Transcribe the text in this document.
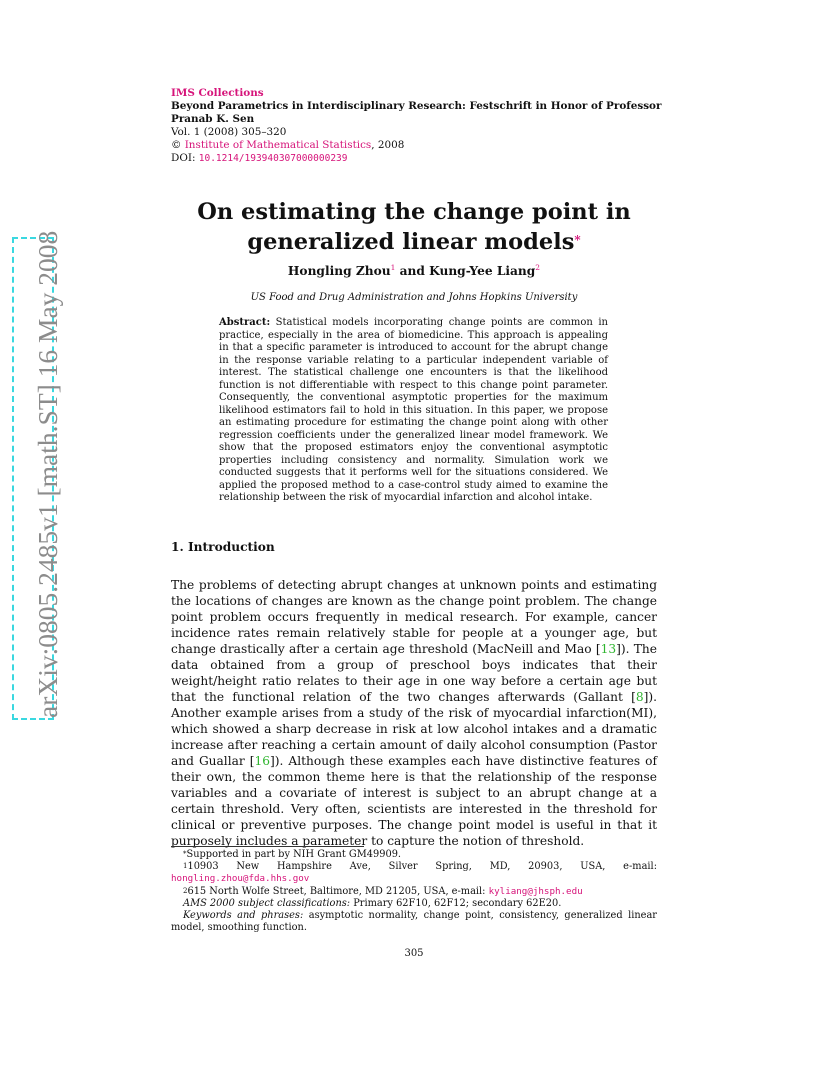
arXiv:0805.2485v1 [math.ST] 16 May 2008
IMS Collections
Beyond Parametrics in Interdisciplinary Research: Festschrift in Honor of Professor Pranab K. Sen
Vol. 1 (2008) 305–320
© Institute of Mathematical Statistics, 2008
DOI: 10.1214/193940307000000239
On estimating the change point in
generalized linear models*
Hongling Zhou$^1$ and Kung-Yee Liang$^2$
US Food and Drug Administration and Johns Hopkins University
Abstract: Statistical models incorporating change points are common in practice, especially in the area of biomedicine. This approach is appealing in that a specific parameter is introduced to account for the abrupt change in the response variable relating to a particular independent variable of interest. The statistical challenge one encounters is that the likelihood function is not differentiable with respect to this change point parameter. Consequently, the conventional asymptotic properties for the maximum likelihood estimators fail to hold in this situation. In this paper, we propose an estimating procedure for estimating the change point along with other regression coefficients under the generalized linear model framework. We show that the proposed estimators enjoy the conventional asymptotic properties including consistency and normality. Simulation work we conducted suggests that it performs well for the situations considered. We applied the proposed method to a case-control study aimed to examine the relationship between the risk of myocardial infarction and alcohol intake.
1. Introduction
The problems of detecting abrupt changes at unknown points and estimating the locations of changes are known as the change point problem. The change point problem occurs frequently in medical research. For example, cancer incidence rates remain relatively stable for people at a younger age, but change drastically after a certain age threshold (MacNeill and Mao [13]). The data obtained from a group of preschool boys indicates that their weight/height ratio relates to their age in one way before a certain age but that the functional relation of the two changes afterwards (Gallant [8]). Another example arises from a study of the risk of myocardial infarction(MI), which showed a sharp decrease in risk at low alcohol intakes and a dramatic increase after reaching a certain amount of daily alcohol consumption (Pastor and Guallar [16]). Although these examples each have distinctive features of their own, the common theme here is that the relationship of the response variables and a covariate of interest is subject to an abrupt change at a certain threshold. Very often, scientists are interested in the threshold for clinical or preventive purposes. The change point model is useful in that it purposely includes a parameter to capture the notion of threshold.

*Supported in part by NIH Grant GM49909.

$^1$10903 New Hampshire Ave, Silver Spring, MD, 20903, USA, e-mail:

hongling.zhou@fda.hhs.gov

$^2$615 North Wolfe Street, Baltimore, MD 21205, USA, e-mail: kyliang@jhsph.edu

AMS 2000 subject classifications: Primary 62F10, 62F12; secondary 62E20.

Keywords and phrases: asymptotic normality, change point, consistency, generalized linear model, smoothing function.

305
